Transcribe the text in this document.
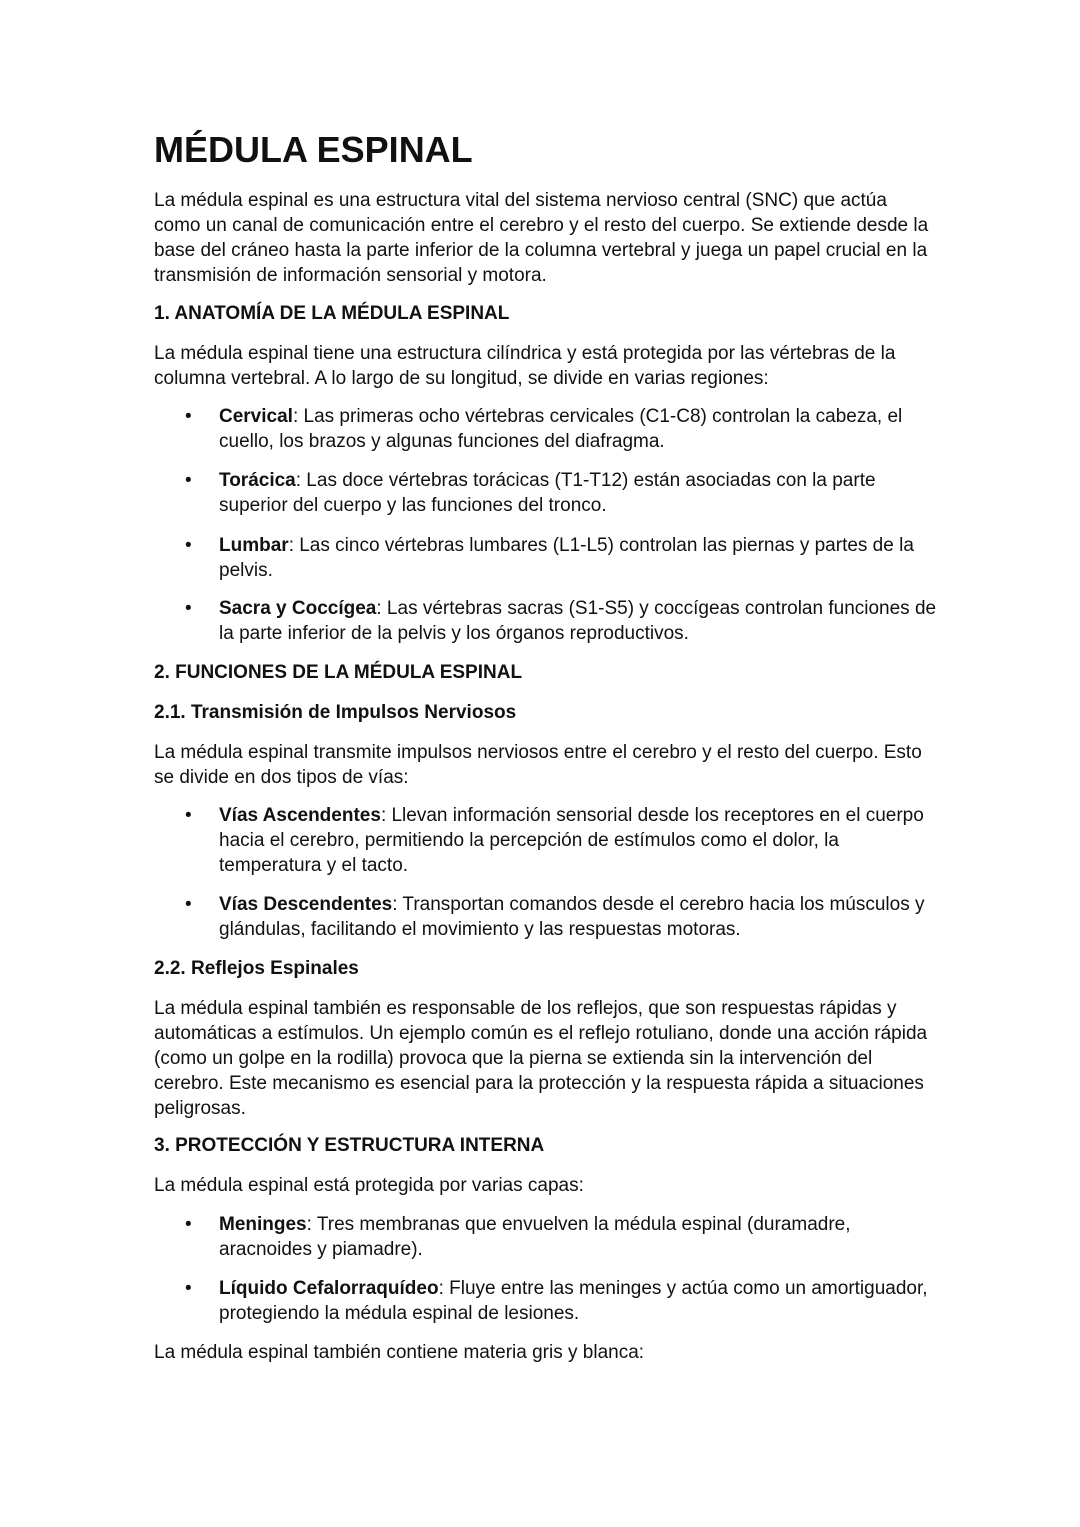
MÉDULA ESPINAL

La médula espinal es una estructura vital del sistema nervioso central (SNC) que actúa como un canal de comunicación entre el cerebro y el resto del cuerpo. Se extiende desde la base del cráneo hasta la parte inferior de la columna vertebral y juega un papel crucial en la transmisión de información sensorial y motora.

1. ANATOMÍA DE LA MÉDULA ESPINAL

La médula espinal tiene una estructura cilíndrica y está protegida por las vértebras de la columna vertebral. A lo largo de su longitud, se divide en varias regiones:

• Cervical: Las primeras ocho vértebras cervicales (C1-C8) controlan la cabeza, el cuello, los brazos y algunas funciones del diafragma.
• Torácica: Las doce vértebras torácicas (T1-T12) están asociadas con la parte superior del cuerpo y las funciones del tronco.
• Lumbar: Las cinco vértebras lumbares (L1-L5) controlan las piernas y partes de la pelvis.
• Sacra y Coccígea: Las vértebras sacras (S1-S5) y coccígeas controlan funciones de la parte inferior de la pelvis y los órganos reproductivos.
2. FUNCIONES DE LA MÉDULA ESPINAL
2.1. Transmisión de Impulsos Nerviosos

La médula espinal transmite impulsos nerviosos entre el cerebro y el resto del cuerpo. Esto se divide en dos tipos de vías:

• Vías Ascendentes: Llevan información sensorial desde los receptores en el cuerpo hacia el cerebro, permitiendo la percepción de estímulos como el dolor, la temperatura y el tacto.
• Vías Descendentes: Transportan comandos desde el cerebro hacia los músculos y glándulas, facilitando el movimiento y las respuestas motoras.
2.2. Reflejos Espinales

La médula espinal también es responsable de los reflejos, que son respuestas rápidas y automáticas a estímulos. Un ejemplo común es el reflejo rotuliano, donde una acción rápida (como un golpe en la rodilla) provoca que la pierna se extienda sin la intervención del cerebro. Este mecanismo es esencial para la protección y la respuesta rápida a situaciones peligrosas.

3. PROTECCIÓN Y ESTRUCTURA INTERNA

La médula espinal está protegida por varias capas:

• Meninges: Tres membranas que envuelven la médula espinal (duramadre, aracnoides y piamadre).
• Líquido Cefalorraquídeo: Fluye entre las meninges y actúa como un amortiguador, protegiendo la médula espinal de lesiones.

La médula espinal también contiene materia gris y blanca:
